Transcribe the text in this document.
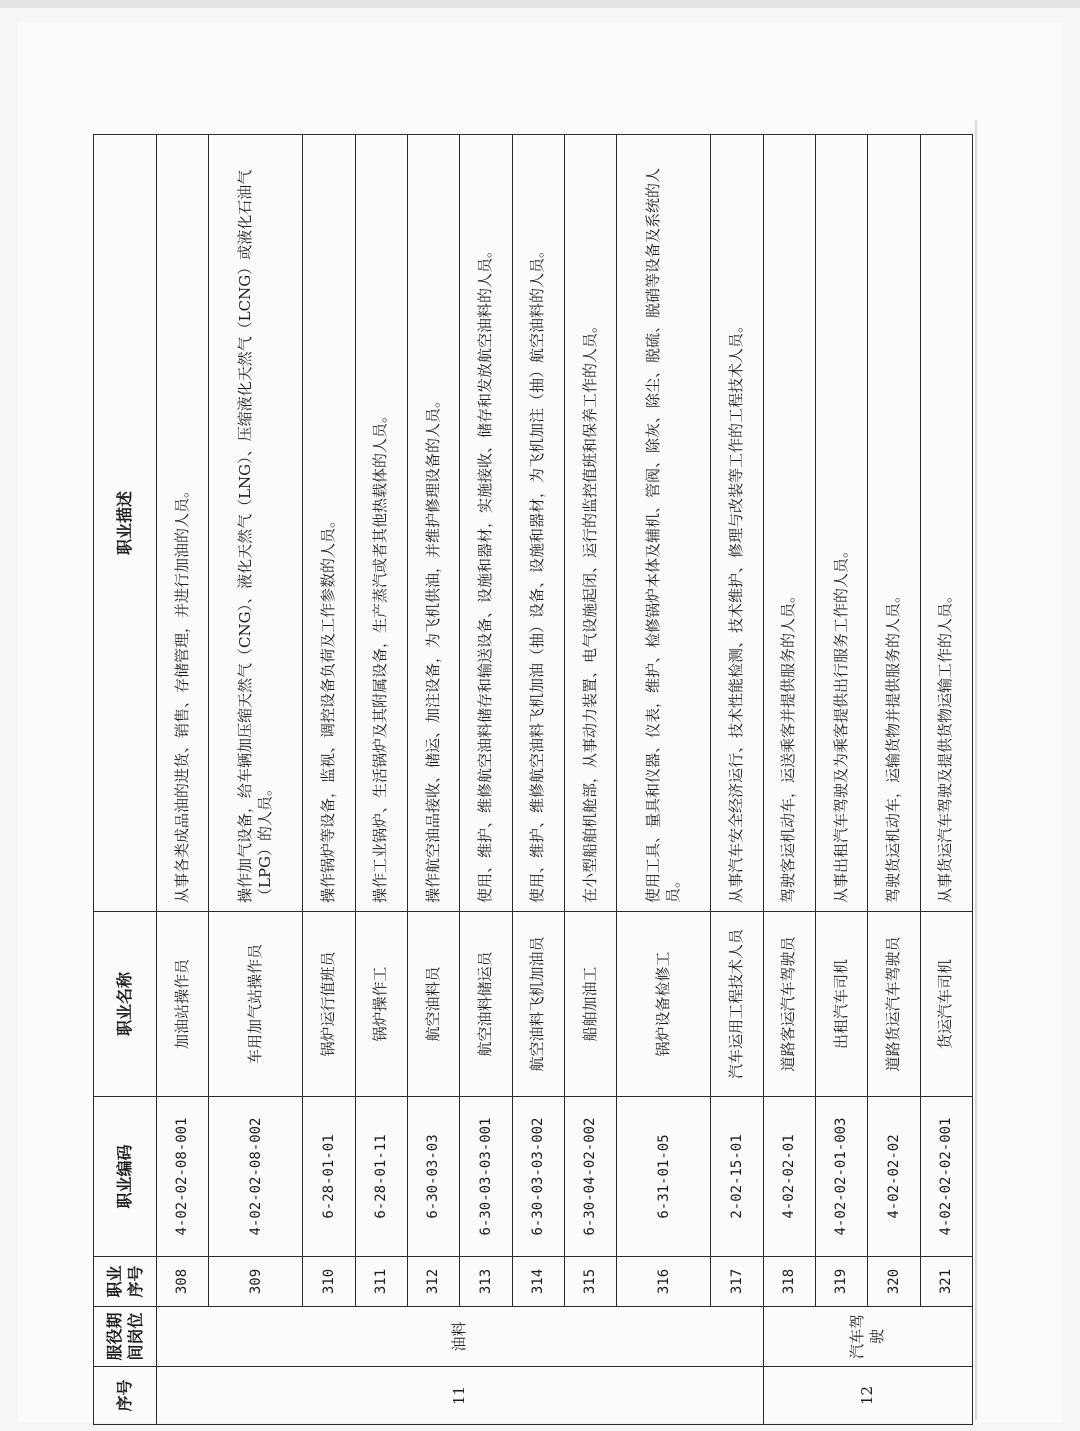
序号	服役期间岗位	职业序号	职业编码	职业名称	职业描述
11	油料	308	4-02-02-08-001	加油站操作员	从事各类成品油的进货、销售、存储管理，并进行加油的人员。
		309	4-02-02-08-002	车用加气站操作员	操作加气设备，给车辆加压缩天然气（CNG）、液化天然气（LNG）、压缩液化天然气（LCNG）或液化石油气（LPG）的人员。
		310	6-28-01-01	锅炉运行值班员	操作锅炉等设备，监视、调控设备负荷及工作参数的人员。
		311	6-28-01-11	锅炉操作工	操作工业锅炉、生活锅炉及其附属设备，生产蒸汽或者其他热载体的人员。
		312	6-30-03-03	航空油料员	操作航空油品接收、储运、加注设备，为飞机供油，并维护修理设备的人员。
		313	6-30-03-03-001	航空油料储运员	使用、维护、维修航空油料储存和输送设备、设施和器材，实施接收、储存和发放航空油料的人员。
		314	6-30-03-03-002	航空油料飞机加油员	使用、维护、维修航空油料飞机加油（抽）设备、设施和器材，为飞机加注（抽）航空油料的人员。
		315	6-30-04-02-002	船舶加油工	在小型船舶机舱部，从事动力装置、电气设施起闭、运行的监控值班和保养工作的人员。
		316	6-31-01-05	锅炉设备检修工	使用工具、量具和仪器、仪表，维护、检修锅炉本体及辅机、管阀、除灰、除尘、脱硫、脱硝等设备及系统的人员。
		317	2-02-15-01	汽车运用工程技术人员	从事汽车安全经济运行、技术性能检测、技术维护、修理与改装等工作的工程技术人员。
12	汽车驾驶	318	4-02-02-01	道路客运汽车驾驶员	驾驶客运机动车，运送乘客并提供服务的人员。
		319	4-02-02-01-003	出租汽车司机	从事出租汽车驾驶及为乘客提供出行服务工作的人员。
		320	4-02-02-02	道路货运汽车驾驶员	驾驶货运机动车，运输货物并提供服务的人员。
		321	4-02-02-02-001	货运汽车司机	从事货运汽车驾驶及提供货物运输工作的人员。
